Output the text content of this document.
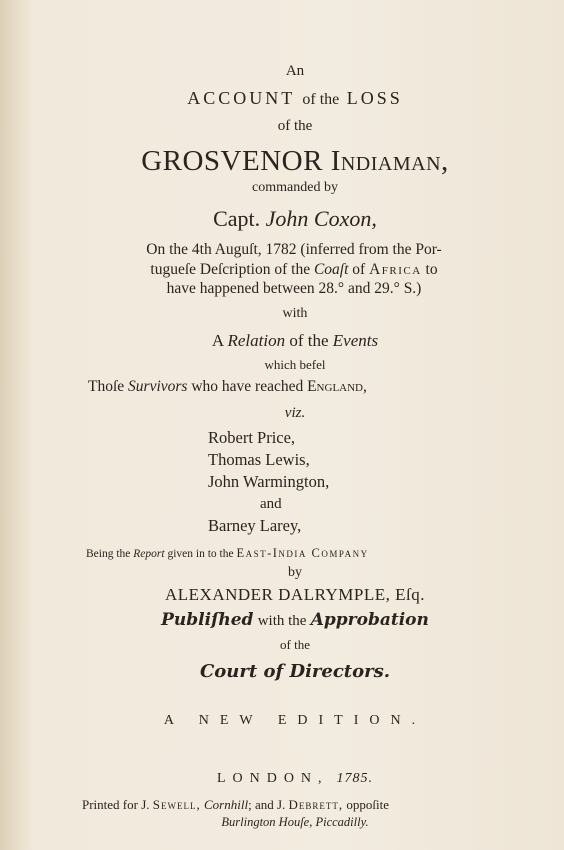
An
ACCOUNT of the LOSS
of the
GROSVENOR Indiaman,
commanded by
Capt. John Coxon,
On the 4th Auguſt, 1782 (inferred from the Por-
tugueſe Deſcription of the Coaſt of Africa to
have happened between 28.° and 29.° S.)
with
A Relation of the Events
which befel
Thoſe Survivors who have reached England,
viz.
Robert Price,
Thomas Lewis,
John Warmington,
and
Barney Larey,
Being the Report given in to the East-India Company
by
ALEXANDER DALRYMPLE, Eſq.
Publiſhed with the Approbation
of the
Court of Directors.
A NEW EDITION.
LONDON, 1785.
Printed for J. Sewell, Cornhill; and J. Debrett, oppoſite
Burlington Houſe, Piccadilly.
